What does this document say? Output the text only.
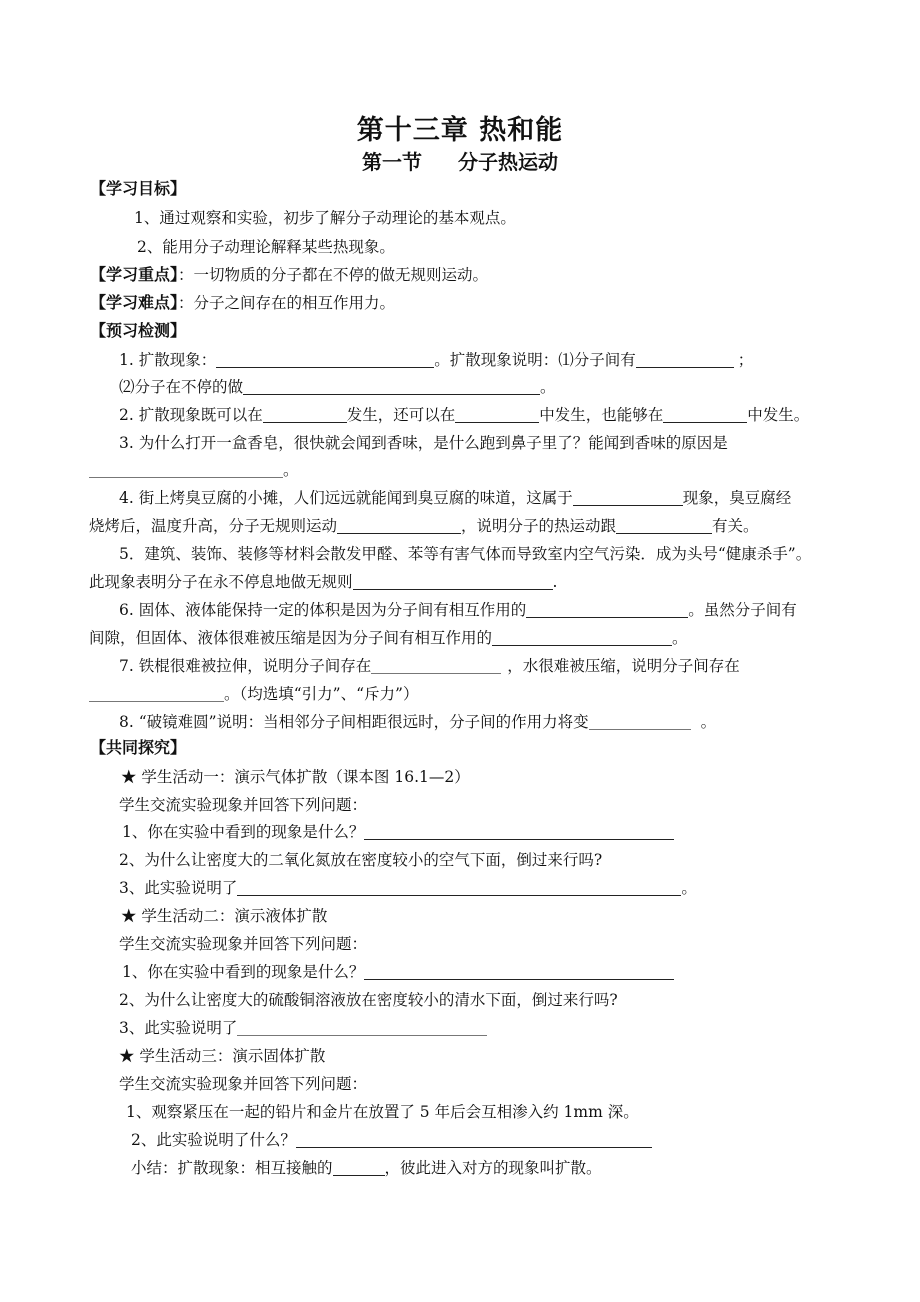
第十三章 热和能
第一节 分子热运动
【学习目标】
1、通过观察和实验，初步了解分子动理论的基本观点。
2、能用分子动理论解释某些热现象。
【学习重点】：一切物质的分子都在不停的做无规则运动。
【学习难点】：分子之间存在的相互作用力。
【预习检测】
1. 扩散现象：	。扩散现象说明：⑴分子间有	；
⑵分子在不停的做	。
2. 扩散现象既可以在	发生，还可以在	中发生，也能够在	中发生。
3. 为什么打开一盒香皂，很快就会闻到香味，是什么跑到鼻子里了？能闻到香味的原因是
。
4. 街上烤臭豆腐的小摊，人们远远就能闻到臭豆腐的味道，这属于	现象，臭豆腐经
烧烤后，温度升高，分子无规则运动	，说明分子的热运动跟	有关。
5．建筑、装饰、装修等材料会散发甲醛、苯等有害气体而导致室内空气污染．成为头号“健康杀手”。
此现象表明分子在永不停息地做无规则	.
6. 固体、液体能保持一定的体积是因为分子间有相互作用的	。虽然分子间有
间隙，但固体、液体很难被压缩是因为分子间有相互作用的	。
7. 铁棍很难被拉伸，说明分子间存在	，水很难被压缩，说明分子间存在
。（均选填“引力”、“斥力”）
8. “破镜难圆”说明：当相邻分子间相距很远时，分子间的作用力将变	。
【共同探究】
★ 学生活动一：演示气体扩散（课本图 16.1—2）
学生交流实验现象并回答下列问题：
1、你在实验中看到的现象是什么？
2、为什么让密度大的二氧化氮放在密度较小的空气下面，倒过来行吗?
3、此实验说明了	。
★ 学生活动二：演示液体扩散
学生交流实验现象并回答下列问题：
1、你在实验中看到的现象是什么？
2、为什么让密度大的硫酸铜溶液放在密度较小的清水下面，倒过来行吗?
3、此实验说明了
★ 学生活动三：演示固体扩散
学生交流实验现象并回答下列问题：
1、观察紧压在一起的铅片和金片在放置了 5 年后会互相渗入约 1mm 深。
2、此实验说明了什么？
小结：扩散现象：相互接触的	，彼此进入对方的现象叫扩散。
